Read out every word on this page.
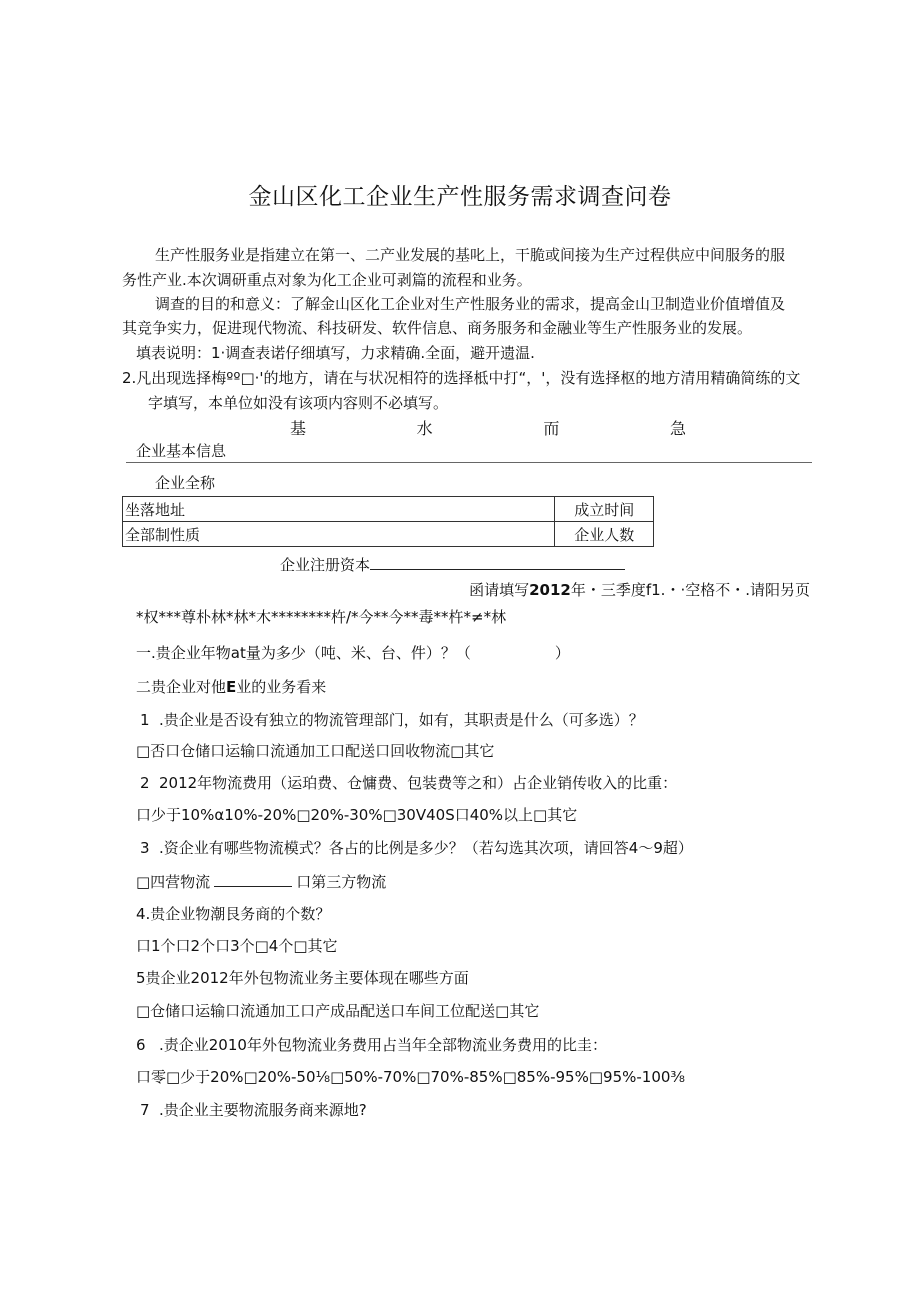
金山区化工企业生产性服务需求调查问卷
生产性服务业是指建立在第一、二产业发展的基叱上，干脆或间接为生产过程供应中间服务的服
务性产业.本次调研重点对象为化工企业可剥篇的流程和业务。
调查的目的和意义：了解金山区化工企业对生产性服务业的需求，提高金山卫制造业价值增值及
其竞争实力，促进现代物流、科技研发、软件信息、商务服务和金融业等生产性服务业的发展。
填表说明：1·调查表诺仔细填写，力求精确.全面，避开遗温.
2.凡出现选择梅ºº□·'的地方，请在与状况相符的选择柢中打“，'，没有选择枢的地方清用精确简练的文
字填写，本单位如没有该项内容则不必填写。
基	水	而	急
企业基本信息
企业全称
坐落地址	成立时间
全部制性质	企业人数
企业注册资本
函请填写2012年・三季度f1.・·空格不・.请阳另页
*权***尊朴林*林*木********杵/*今**今**毒**杵*≠*林
一.贵企业年物at量为多少（吨、米、台、件）？（	）
二贵企业对他E业的业务看来
1 .贵企业是否设有独立的物流管理部门，如有，其职责是什么（可多选）？
□否口仓储口运输口流通加工口配送口回收物流□其它
2 2012年物流费用（运珀费、仓慵费、包装费等之和）占企业销传收入的比重：
口少于10%α10%-20%□20%-30%□30V40S口40%以上□其它
3 .资企业有哪些物流模式？各占的比例是多少？（若勾选其次项，请回答4～9超）
□四营物流	口第三方物流
4.贵企业物潮艮务商的个数？
口1个口2个口3个□4个□其它
5贵企业2012年外包物流业务主要体现在哪些方面
□仓储口运输口流通加工口产成品配送口车间工位配送□其它
6 .责企业2010年外包物流业务费用占当年全部物流业务费用的比圭：
口零□少于20%□20%-50⅛□50%-70%□70%-85%□85%-95%□95%-100⅜
7 .贵企业主要物流服务商来源地?
